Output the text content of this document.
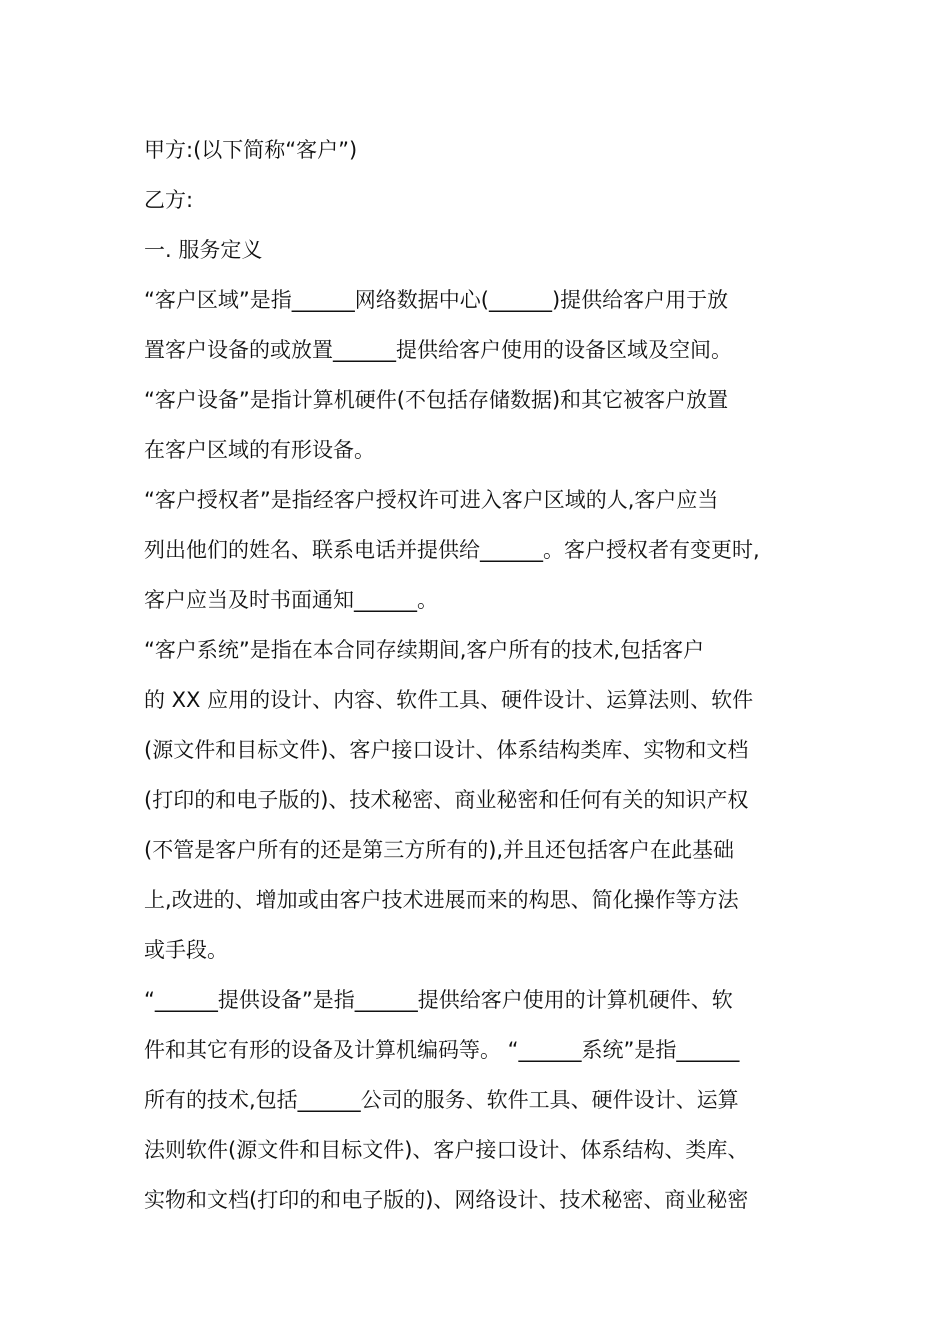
甲方:(以下简称“客户”)
乙方:
一. 服务定义
“客户区域”是指______网络数据中心(______)提供给客户用于放
置客户设备的或放置______提供给客户使用的设备区域及空间。
“客户设备”是指计算机硬件(不包括存储数据)和其它被客户放置
在客户区域的有形设备。
“客户授权者”是指经客户授权许可进入客户区域的人,客户应当
列出他们的姓名、联系电话并提供给______。客户授权者有变更时,
客户应当及时书面通知______。
“客户系统”是指在本合同存续期间,客户所有的技术,包括客户
的 XX 应用的设计、内容、软件工具、硬件设计、运算法则、软件
(源文件和目标文件)、客户接口设计、体系结构类库、实物和文档
(打印的和电子版的)、技术秘密、商业秘密和任何有关的知识产权
(不管是客户所有的还是第三方所有的),并且还包括客户在此基础
上,改进的、增加或由客户技术进展而来的构思、简化操作等方法
或手段。
“______提供设备”是指______提供给客户使用的计算机硬件、软
件和其它有形的设备及计算机编码等。 “______系统”是指______
所有的技术,包括______公司的服务、软件工具、硬件设计、运算
法则软件(源文件和目标文件)、客户接口设计、体系结构、类库、
实物和文档(打印的和电子版的)、网络设计、技术秘密、商业秘密
